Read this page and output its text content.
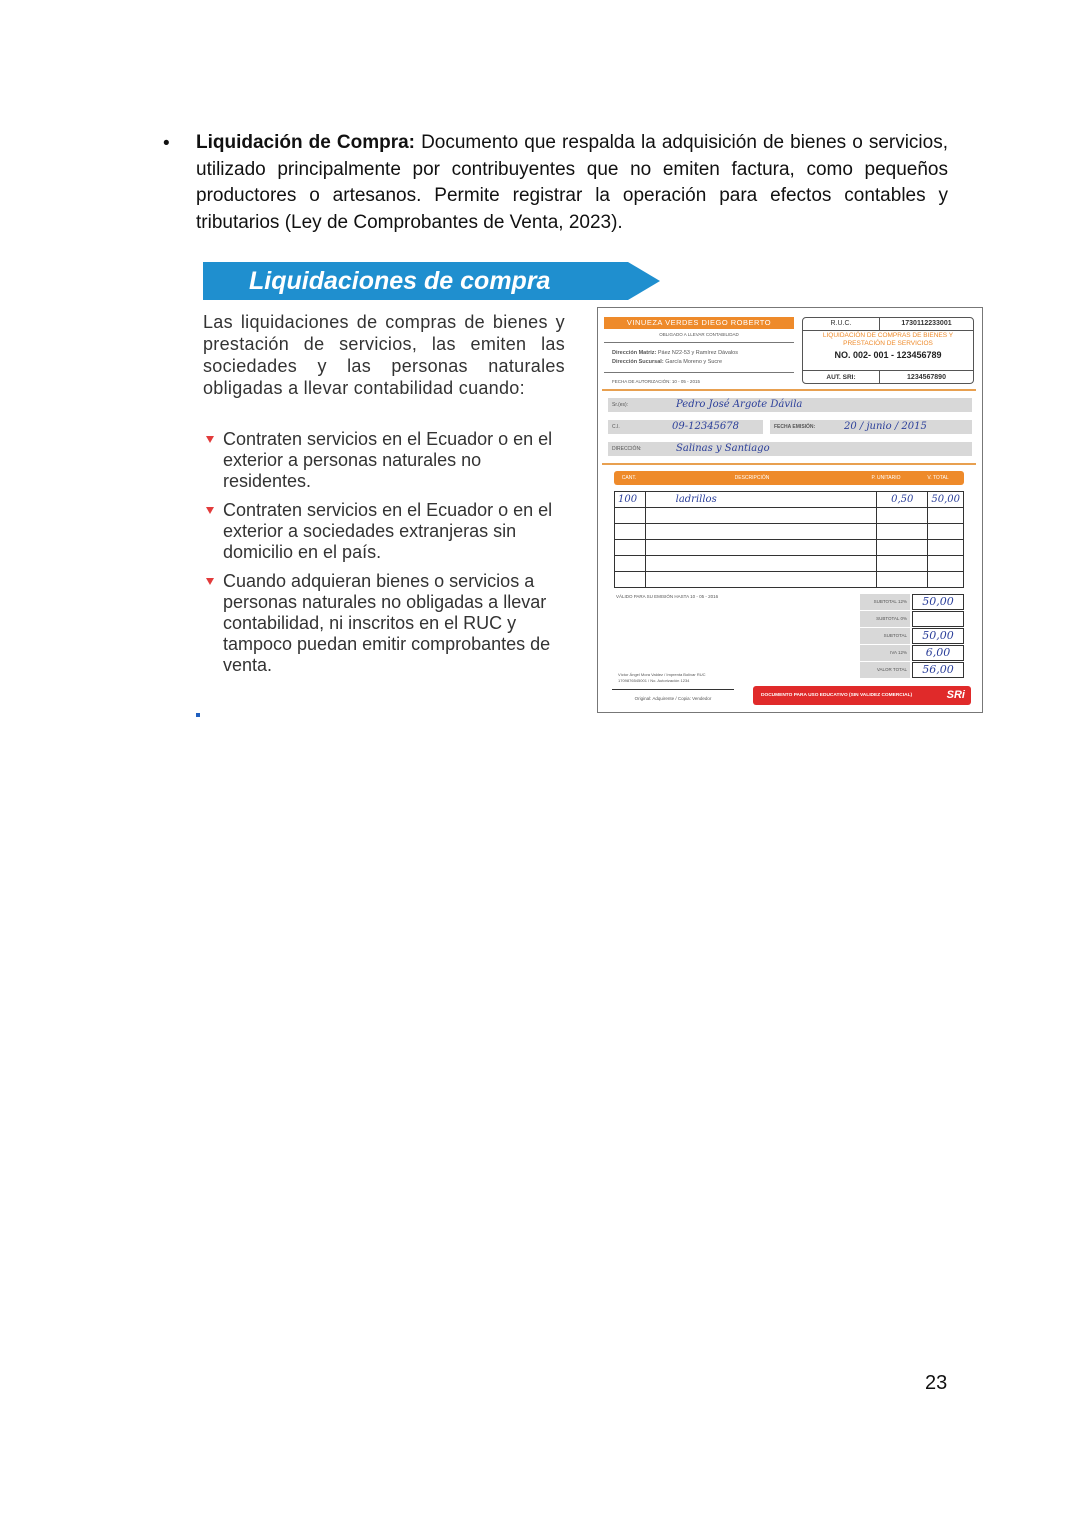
• Liquidación de Compra: Documento que respalda la adquisición de bienes o servicios, utilizado principalmente por contribuyentes que no emiten factura, como pequeños productores o artesanos. Permite registrar la operación para efectos contables y tributarios (Ley de Comprobantes de Venta, 2023).

Liquidaciones de compra
Las liquidaciones de compras de bienes y prestación de servicios, las emiten las sociedades y las personas naturales obligadas a llevar contabilidad cuando:
Contraten servicios en el Ecuador o en el exterior a personas naturales no residentes.
Contraten servicios en el Ecuador o en el exterior a sociedades extranjeras sin domicilio en el país.
Cuando adquieran bienes o servicios a personas naturales no obligadas a llevar contabilidad, ni inscritos en el RUC y tampoco puedan emitir comprobantes de venta.
VINUEZA VERDES DIEGO ROBERTO
OBLIGADO A LLEVAR CONTABILIDAD
Dirección Matriz: Páez N22-53 y Ramírez Dávalos
Dirección Sucursal: García Moreno y Sucre
FECHA DE AUTORIZACIÓN: 10 - 05 - 2015
R.U.C.	1730112233001
LIQUIDACIÓN DE COMPRAS DE BIENES Y PRESTACIÓN DE SERVICIOS
NO. 002- 001 - 123456789
AUT. SRI:	1234567890
Sr.(es):	Pedro José Argote Dávila
C.I.	09-12345678	FECHA EMISIÓN:	20 / junio / 2015
DIRECCIÓN:	Salinas y Santiago
CANT.	DESCRIPCIÓN	P. UNITARIO	V. TOTAL
100	ladrillos	0,50	50,00

VÁLIDO PARA SU EMISIÓN HASTA 10 - 05 - 2016
SUBTOTAL 12%	50,00
SUBTOTAL 0%
SUBTOTAL	50,00
IVA 12%	6,00
VALOR TOTAL	56,00
Víctor Ángel Mora Valdez / Imprenta Bolívar RUC 1709876545001 / No. Autorización 1234
Original: Adquirente / Copia: Vendedor
DOCUMENTO PARA USO EDUCATIVO (SIN VALIDEZ COMERCIAL)	SRi
23
